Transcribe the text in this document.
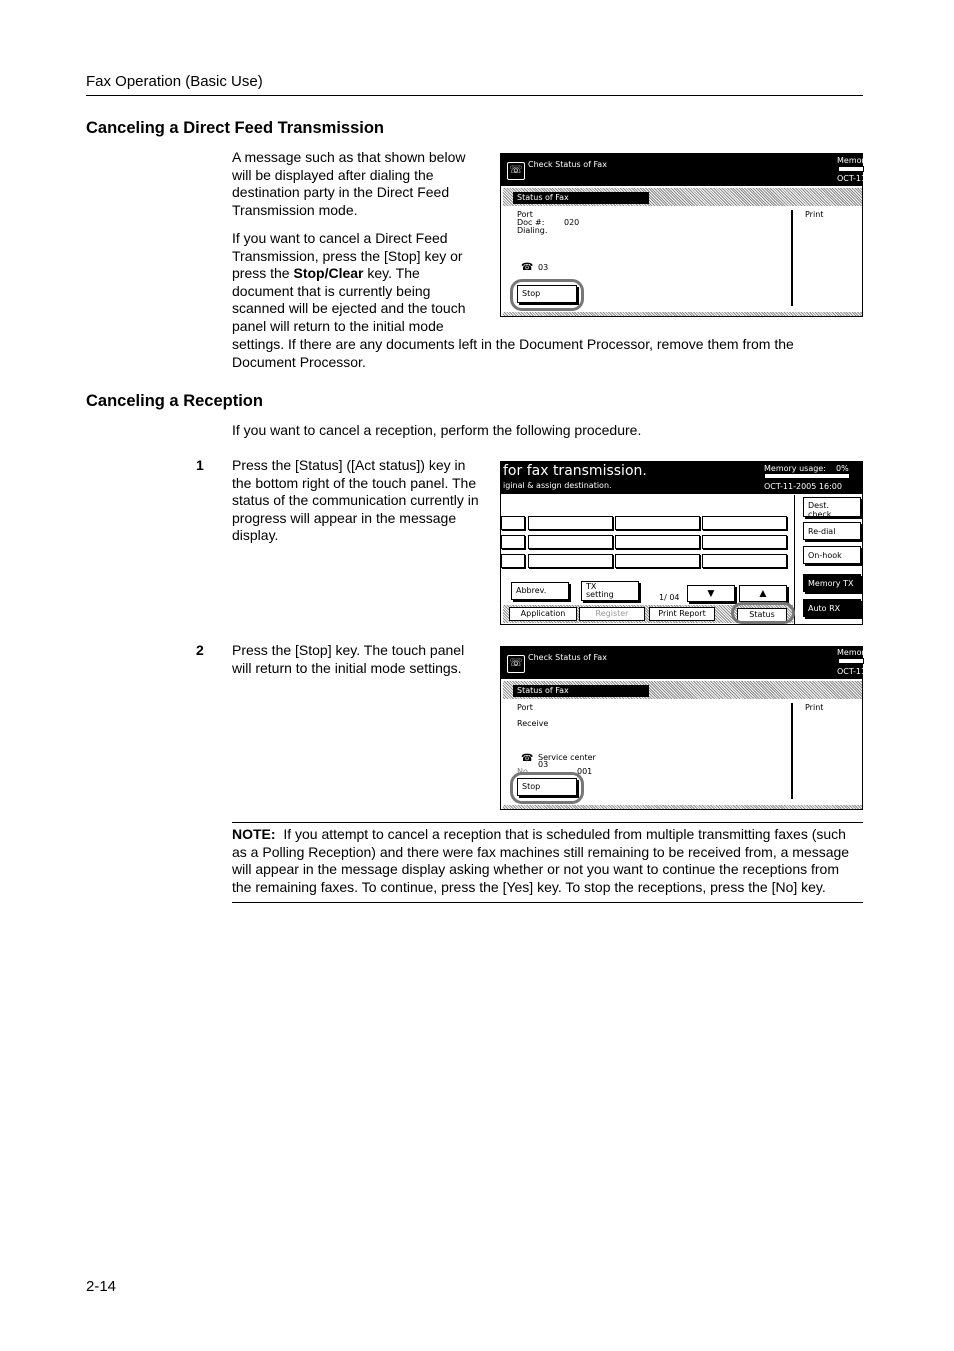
Fax Operation (Basic Use)
Canceling a Direct Feed Transmission
A message such as that shown below
will be displayed after dialing the
destination party in the Direct Feed
Transmission mode.
If you want to cancel a Direct Feed
Transmission, press the [Stop] key or
press the Stop/Clear key. The
document that is currently being
scanned will be ejected and the touch
panel will return to the initial mode
settings. If there are any documents left in the Document Processor, remove them from the
Document Processor.
☏ Check Status of Fax	Memor
OCT-11
Status of Fax
Port
Doc #: 020
Dialing.
Print
☎ 03
Stop
Canceling a Reception
If you want to cancel a reception, perform the following procedure.
1 Press the [Status] ([Act status]) key in
the bottom right of the touch panel. The
status of the communication currently in
progress will appear in the message
display.
for fax transmission.
iginal & assign destination.
Memory usage: 0%
OCT-11-2005 16:00
Dest.
check
Re-dial
On-hook
Memory TX
Auto RX
Abbrev.	TX
setting	1/ 04	▼	▲
Application	Register	Print Report	Status
2 Press the [Stop] key. The touch panel
will return to the initial mode settings.	☏ Check Status of Fax
Memor
OCT-11
Status of Fax
Port
Receive
Print
☎ Service center
03
No.	001
Stop
NOTE: If you attempt to cancel a reception that is scheduled from multiple transmitting faxes (such
as a Polling Reception) and there were fax machines still remaining to be received from, a message
will appear in the message display asking whether or not you want to continue the receptions from
the remaining faxes. To continue, press the [Yes] key. To stop the receptions, press the [No] key.
2-14
